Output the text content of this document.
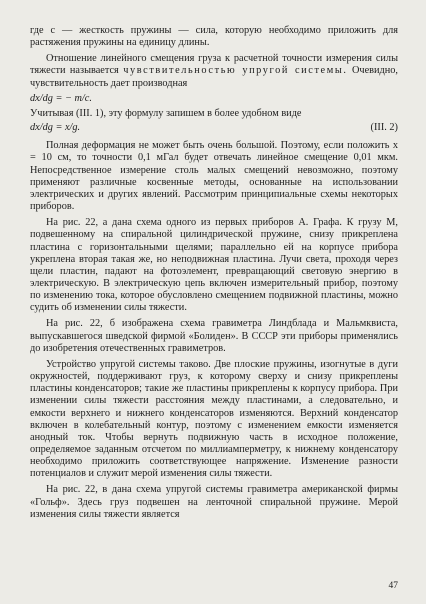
где c — жесткость пружины — сила, которую необходимо приложить для растяжения пружины на единицу длины.

Отношение линейного смещения груза к расчетной точности измерения силы тяжести называется чувствительностью упругой системы. Очевидно, чувствительность дает производная

dx/dg = − m/c.

Учитывая (III. 1), эту формулу запишем в более удобном виде

dx/dg = x/g.	(III. 2)

Полная деформация не может быть очень большой. Поэтому, если положить x = 10 см, то точности 0,1 мГал будет отвечать линейное смещение 0,01 мкм. Непосредственное измерение столь малых смещений невозможно, поэтому применяют различные косвенные методы, основанные на использовании электрических и других явлений. Рассмотрим принципиальные схемы некоторых приборов.

На рис. 22, а дана схема одного из первых приборов А. Графа. К грузу M, подвешенному на спиральной цилиндрической пружине, снизу прикреплена пластина с горизонтальными щелями; параллельно ей на корпусе прибора укреплена вторая такая же, но неподвижная пластина. Лучи света, проходя через щели пластин, падают на фотоэлемент, превращающий световую энергию в электрическую. В электрическую цепь включен измерительный прибор, поэтому по изменению тока, которое обусловлено смещением подвижной пластины, можно судить об изменении силы тяжести.

На рис. 22, б изображена схема гравиметра Линдблада и Мальмквиста, выпускавшегося шведской фирмой «Болиден». В СССР эти приборы применялись до изобретения отечественных гравиметров.

Устройство упругой системы таково. Две плоские пружины, изогнутые в дуги окружностей, поддерживают груз, к которому сверху и снизу прикреплены пластины конденсаторов; такие же пластины прикреплены к корпусу прибора. При изменении силы тяжести расстояния между пластинами, а следовательно, и емкости верхнего и нижнего конденсаторов изменяются. Верхний конденсатор включен в колебательный контур, поэтому с изменением емкости изменяется анодный ток. Чтобы вернуть подвижную часть в исходное положение, определяемое заданным отсчетом по миллиамперметру, к нижнему конденсатору необходимо приложить соответствующее напряжение. Изменение разности потенциалов и служит мерой изменения силы тяжести.

На рис. 22, в дана схема упругой системы гравиметра американской фирмы «Гольф». Здесь груз подвешен на ленточной спиральной пружине. Мерой изменения силы тяжести является

47
